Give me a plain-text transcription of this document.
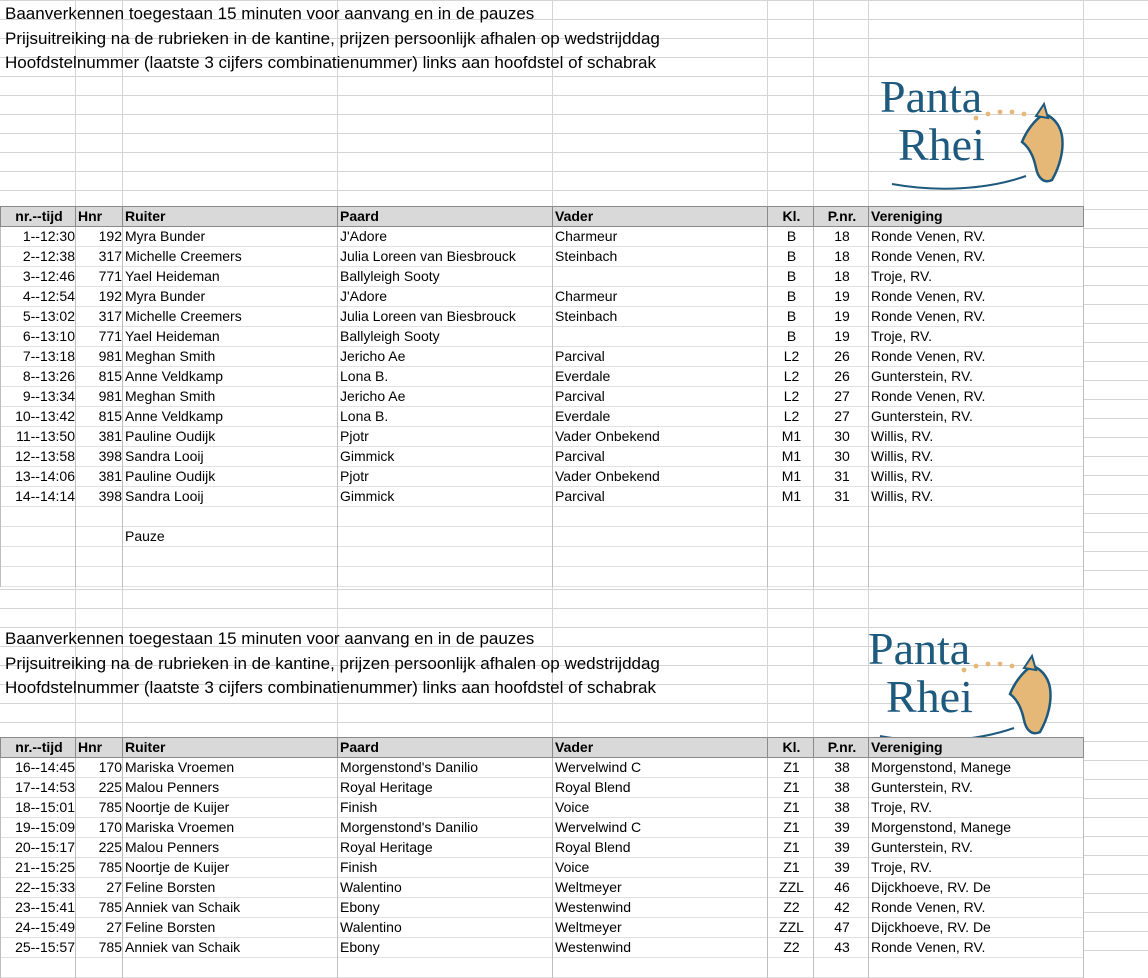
Baanverkennen toegestaan 15 minuten voor aanvang en in de pauzes
Prijsuitreiking na de rubrieken in de kantine, prijzen persoonlijk afhalen op wedstrijddag
Hoofdstelnummer (laatste 3 cijfers combinatienummer) links aan hoofdstel of schabrak
Panta
Rhei
nr.--tijd	Hnr	Ruiter	Paard	Vader	Kl.	P.nr.	Vereniging
1--12:30	192	Myra Bunder	J'Adore	Charmeur	B	18	Ronde Venen, RV.
2--12:38	317	Michelle Creemers	Julia Loreen van Biesbrouck	Steinbach	B	18	Ronde Venen, RV.
3--12:46	771	Yael Heideman	Ballyleigh Sooty		B	18	Troje, RV.
4--12:54	192	Myra Bunder	J'Adore	Charmeur	B	19	Ronde Venen, RV.
5--13:02	317	Michelle Creemers	Julia Loreen van Biesbrouck	Steinbach	B	19	Ronde Venen, RV.
6--13:10	771	Yael Heideman	Ballyleigh Sooty		B	19	Troje, RV.
7--13:18	981	Meghan Smith	Jericho Ae	Parcival	L2	26	Ronde Venen, RV.
8--13:26	815	Anne Veldkamp	Lona B.	Everdale	L2	26	Gunterstein, RV.
9--13:34	981	Meghan Smith	Jericho Ae	Parcival	L2	27	Ronde Venen, RV.
10--13:42	815	Anne Veldkamp	Lona B.	Everdale	L2	27	Gunterstein, RV.
11--13:50	381	Pauline Oudijk	Pjotr	Vader Onbekend	M1	30	Willis, RV.
12--13:58	398	Sandra Looij	Gimmick	Parcival	M1	30	Willis, RV.
13--14:06	381	Pauline Oudijk	Pjotr	Vader Onbekend	M1	31	Willis, RV.
14--14:14	398	Sandra Looij	Gimmick	Parcival	M1	31	Willis, RV.

		Pauze					

Baanverkennen toegestaan 15 minuten voor aanvang en in de pauzes
Prijsuitreiking na de rubrieken in de kantine, prijzen persoonlijk afhalen op wedstrijddag
Hoofdstelnummer (laatste 3 cijfers combinatienummer) links aan hoofdstel of schabrak
Panta
Rhei
nr.--tijd	Hnr	Ruiter	Paard	Vader	Kl.	P.nr.	Vereniging
16--14:45	170	Mariska Vroemen	Morgenstond's Danilio	Wervelwind C	Z1	38	Morgenstond, Manege
17--14:53	225	Malou Penners	Royal Heritage	Royal Blend	Z1	38	Gunterstein, RV.
18--15:01	785	Noortje de Kuijer	Finish	Voice	Z1	38	Troje, RV.
19--15:09	170	Mariska Vroemen	Morgenstond's Danilio	Wervelwind C	Z1	39	Morgenstond, Manege
20--15:17	225	Malou Penners	Royal Heritage	Royal Blend	Z1	39	Gunterstein, RV.
21--15:25	785	Noortje de Kuijer	Finish	Voice	Z1	39	Troje, RV.
22--15:33	27	Feline Borsten	Walentino	Weltmeyer	ZZL	46	Dijckhoeve, RV. De
23--15:41	785	Anniek van Schaik	Ebony	Westenwind	Z2	42	Ronde Venen, RV.
24--15:49	27	Feline Borsten	Walentino	Weltmeyer	ZZL	47	Dijckhoeve, RV. De
25--15:57	785	Anniek van Schaik	Ebony	Westenwind	Z2	43	Ronde Venen, RV.
